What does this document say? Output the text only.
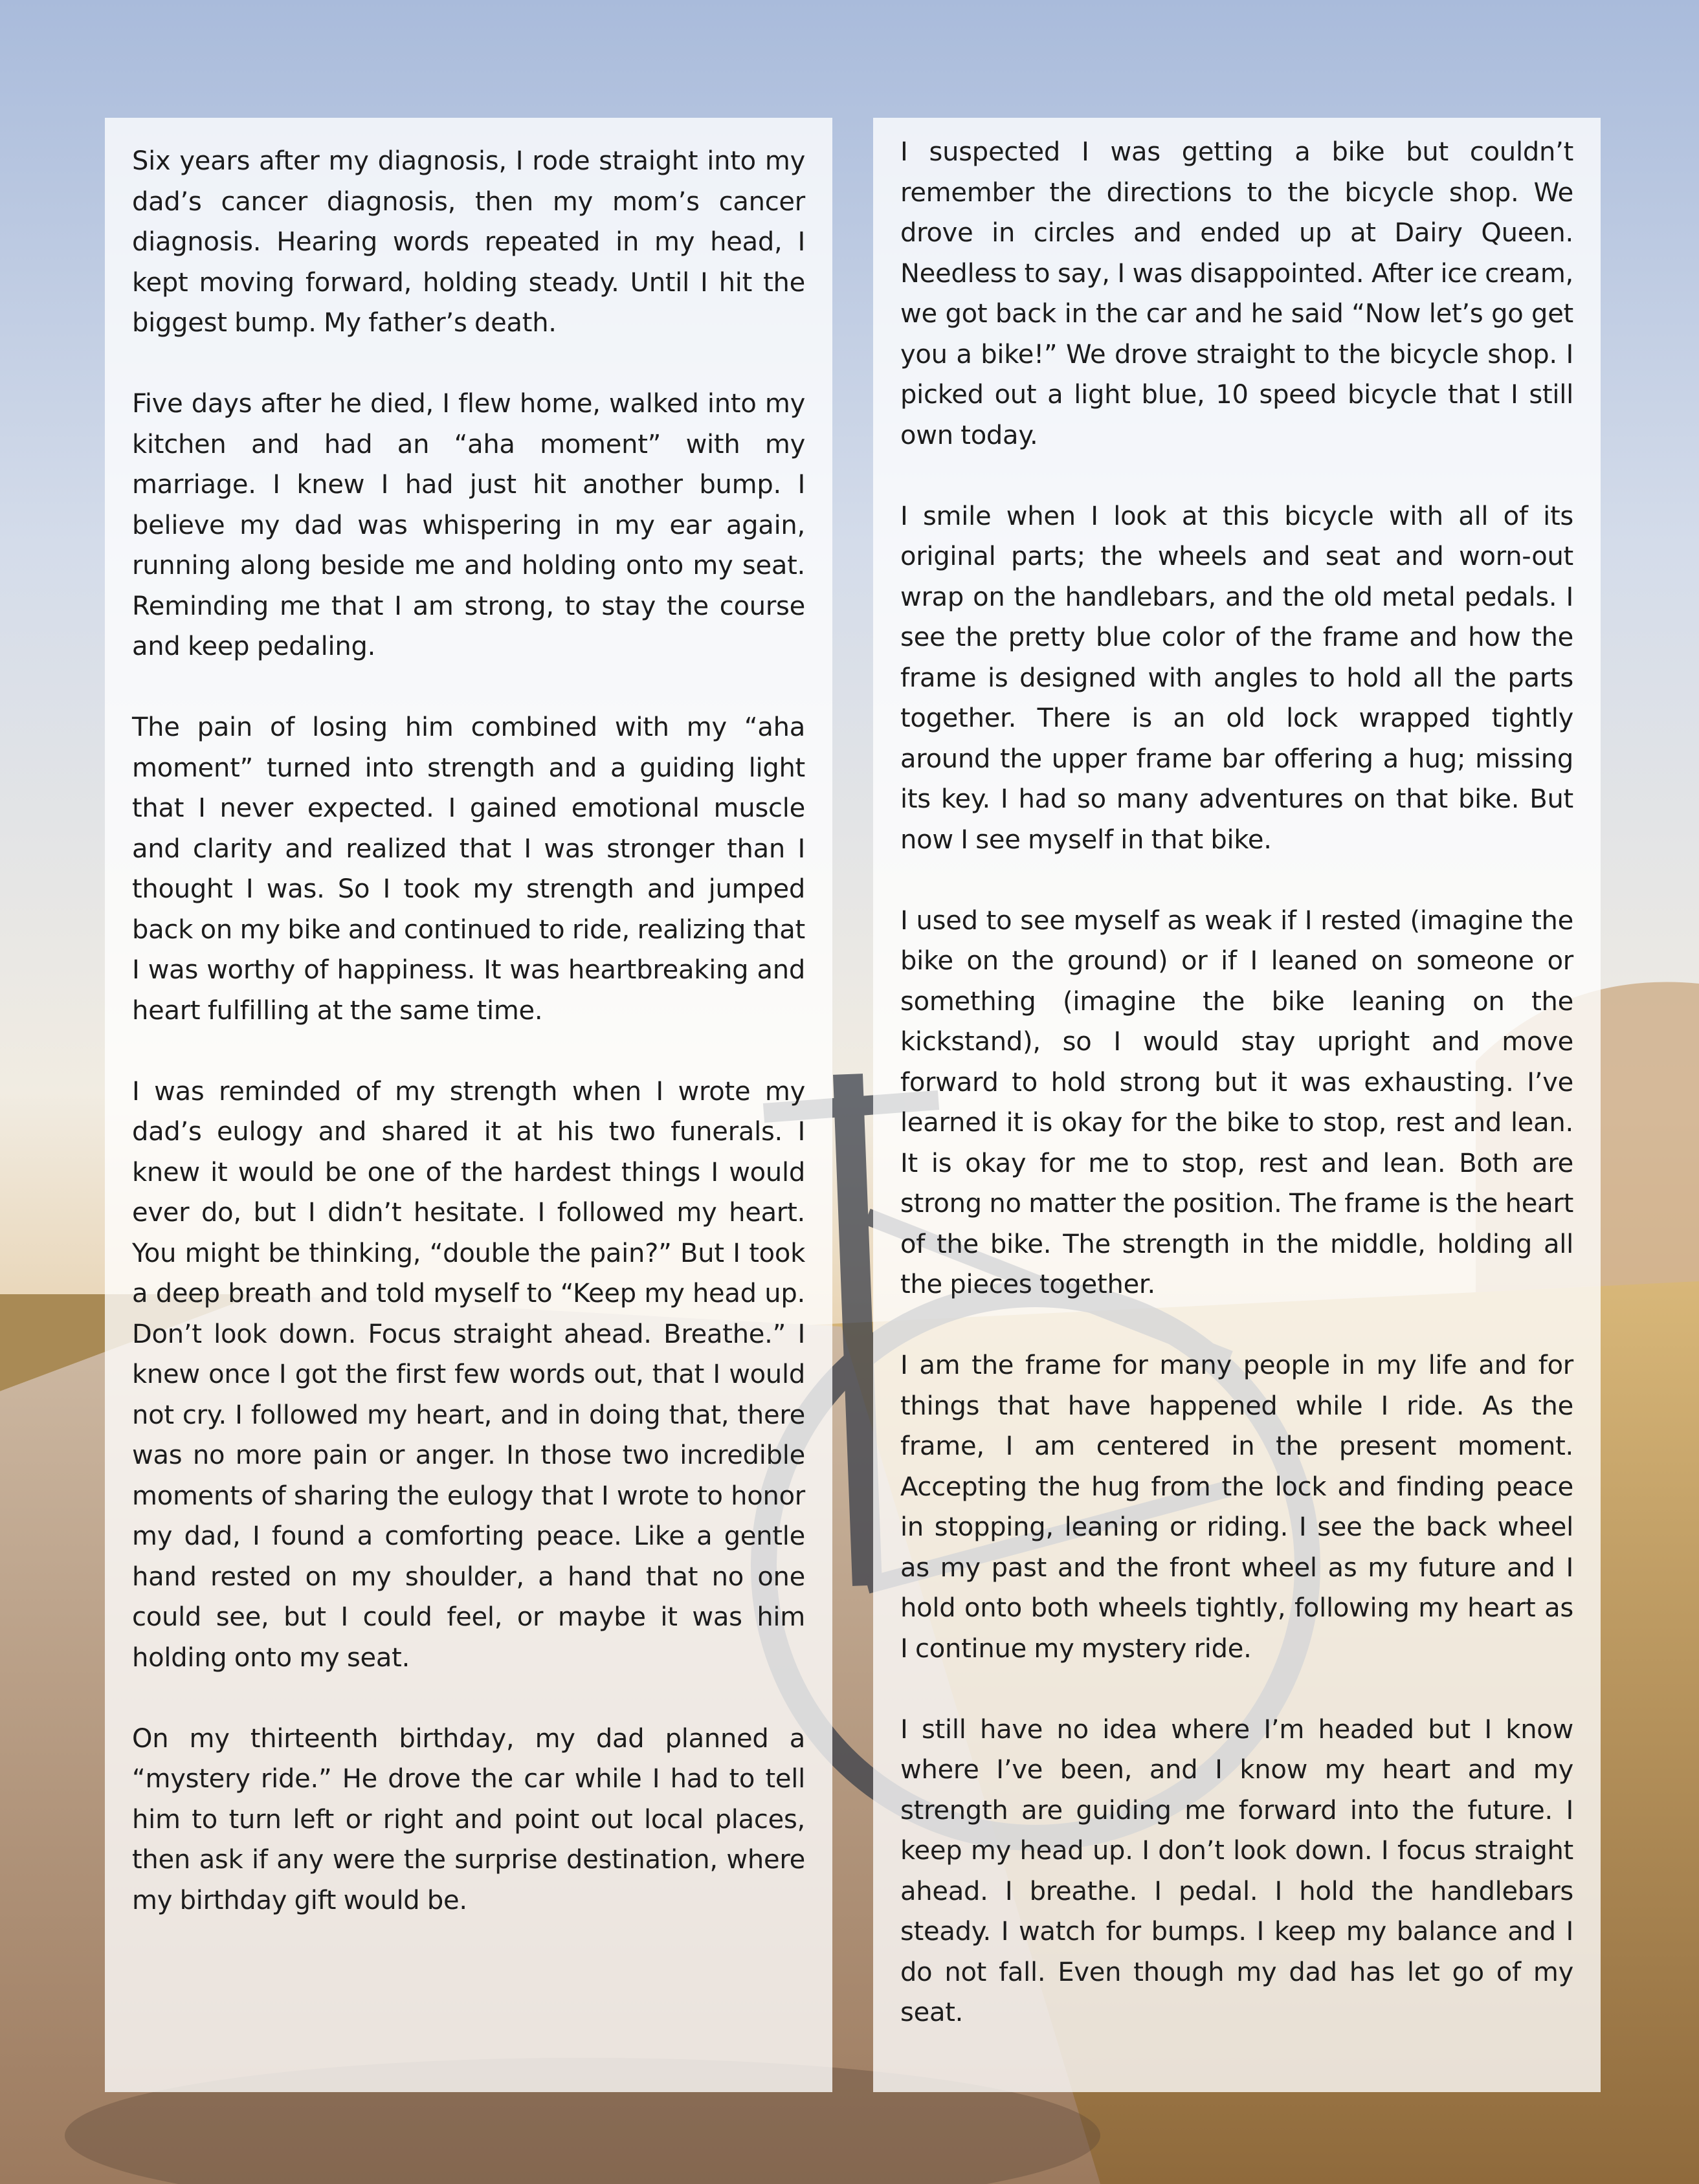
Six years after my diagnosis, I rode straight into my dad’s cancer diagnosis, then my mom’s cancer diagnosis. Hearing words repeated in my head, I kept moving forward, holding steady. Until I hit the biggest bump. My father’s death.

Five days after he died, I flew home, walked into my kitchen and had an “aha moment” with my marriage. I knew I had just hit another bump. I believe my dad was whispering in my ear again, running along beside me and holding onto my seat. Reminding me that I am strong, to stay the course and keep pedaling.

The pain of losing him combined with my “aha moment” turned into strength and a guiding light that I never expected. I gained emotional muscle and clarity and realized that I was stronger than I thought I was. So I took my strength and jumped back on my bike and continued to ride, realizing that I was worthy of happiness. It was heartbreaking and heart fulfilling at the same time.

I was reminded of my strength when I wrote my dad’s eulogy and shared it at his two funerals. I knew it would be one of the hardest things I would ever do, but I didn’t hesitate. I followed my heart. You might be thinking, “double the pain?” But I took a deep breath and told myself to “Keep my head up. Don’t look down. Focus straight ahead. Breathe.” I knew once I got the first few words out, that I would not cry. I followed my heart, and in doing that, there was no more pain or anger. In those two incredible moments of sharing the eulogy that I wrote to honor my dad, I found a comforting peace. Like a gentle hand rested on my shoulder, a hand that no one could see, but I could feel, or maybe it was him holding onto my seat.

On my thirteenth birthday, my dad planned a “mystery ride.” He drove the car while I had to tell him to turn left or right and point out local places, then ask if any were the surprise destination, where my birthday gift would be.

I suspected I was getting a bike but couldn’t remember the directions to the bicycle shop. We drove in circles and ended up at Dairy Queen. Needless to say, I was disappointed. After ice cream, we got back in the car and he said “Now let’s go get you a bike!” We drove straight to the bicycle shop. I picked out a light blue, 10 speed bicycle that I still own today.

I smile when I look at this bicycle with all of its original parts; the wheels and seat and worn-out wrap on the handlebars, and the old metal pedals. I see the pretty blue color of the frame and how the frame is designed with angles to hold all the parts together. There is an old lock wrapped tightly around the upper frame bar offering a hug; missing its key. I had so many adventures on that bike. But now I see myself in that bike.

I used to see myself as weak if I rested (imagine the bike on the ground) or if I leaned on someone or something (imagine the bike leaning on the kickstand), so I would stay upright and move forward to hold strong but it was exhausting. I’ve learned it is okay for the bike to stop, rest and lean. It is okay for me to stop, rest and lean. Both are strong no matter the position. The frame is the heart of the bike. The strength in the middle, holding all the pieces together.

I am the frame for many people in my life and for things that have happened while I ride. As the frame, I am centered in the present moment. Accepting the hug from the lock and finding peace in stopping, leaning or riding. I see the back wheel as my past and the front wheel as my future and I hold onto both wheels tightly, following my heart as I continue my mystery ride.

I still have no idea where I’m headed but I know where I’ve been, and I know my heart and my strength are guiding me forward into the future. I keep my head up. I don’t look down. I focus straight ahead. I breathe. I pedal. I hold the handlebars steady. I watch for bumps. I keep my balance and I do not fall. Even though my dad has let go of my seat.
